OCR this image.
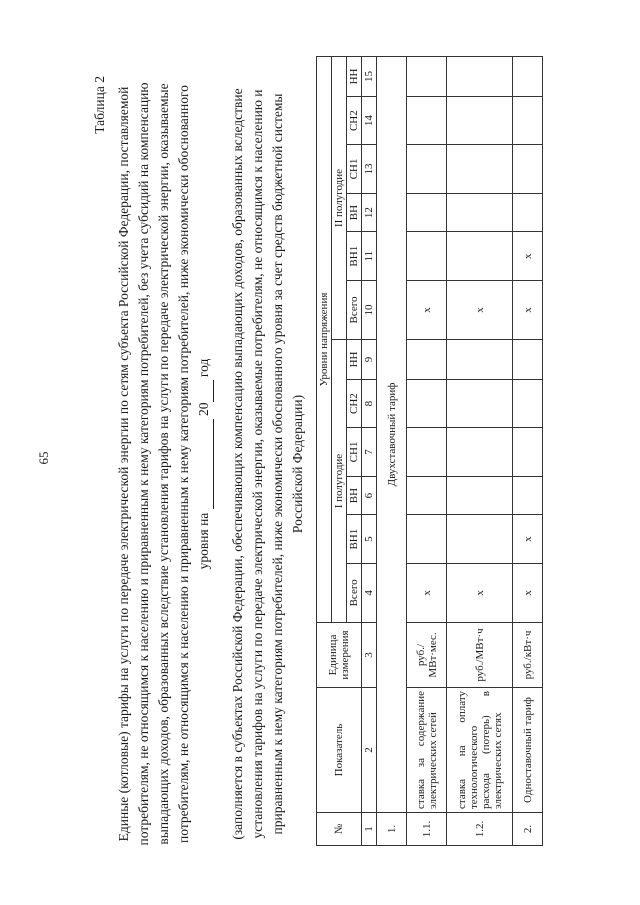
65
Таблица 2 Единые (котловые) тарифы на услуги по передаче электрической энергии по сетям субъекта Российской Федерации, поставляемой потребителям, не относящимся к населению и приравненным к нему категориям потребителей, без учета субсидий на компенсацию выпадающих доходов, образованных вследствие установления тарифов на услуги по передаче электрической энергии, оказываемые потребителям, не относящимся к населению и приравненным к нему категориям потребителей, ниже экономически обоснованного уровня на  20 год (заполняется в субъектах Российской Федерации, обеспечивающих компенсацию выпадающих доходов, образованных вследствие установления тарифов на услуги по передаче электрической энергии, оказываемые потребителям, не относящимся к населению и приравненным к нему категориям потребителей, ниже экономически обоснованного уровня за счет средств бюджетной системы Российской Федерации)
№	Показатель	Единица измерения	Уровни напряжения											
			I полугодие						II полугодие					
			Всего	ВН1	ВН	СН1	СН2	НН	Всего	ВН1	ВН	СН1	СН2	НН
1	2	3	4	5	6	7	8	9	10	11	12	13	14	15
1.	Двухставочный тариф													
1.1.	ставка за содержание электрических сетей	руб./МВт·мес.	х						х					
1.2.	ставка на оплату технологического расхода (потерь) в электрических сетях	руб./МВт·ч	х						х					
2.	Одноставочный тариф	руб./кВт·ч	х	х					х	х				
